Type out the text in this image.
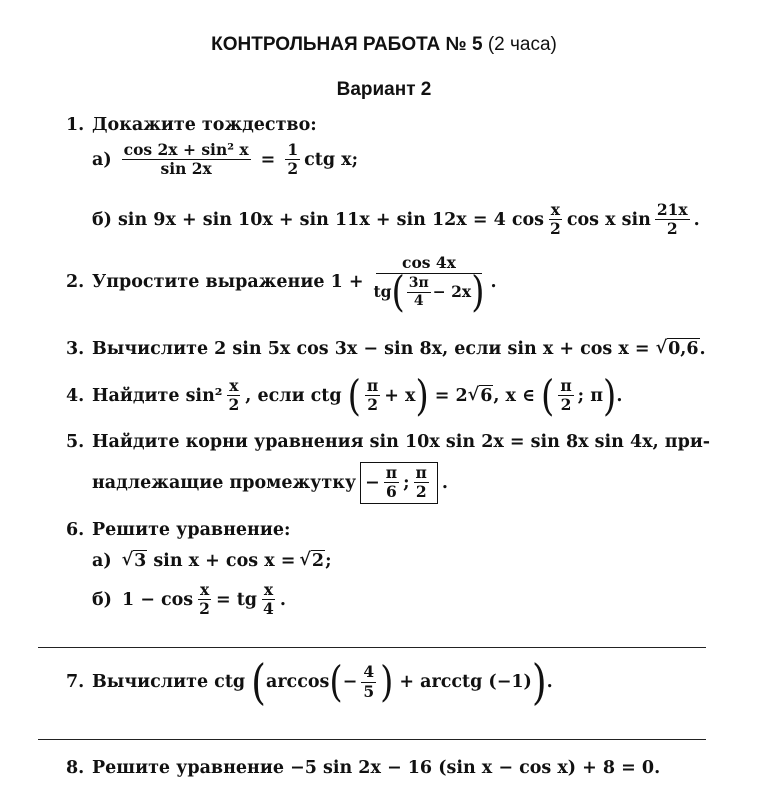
КОНТРОЛЬНАЯ РАБОТА № 5 (2 часа)
Вариант 2
1. Докажите тождество:
$а) \frac{\text{cos 2x + sin² x}}{\sin 2x} = \frac{1}{2}$ ctg x;
б) sin 9x + sin 10x + sin 11x + sin 12x = 4 $\cos \frac{x}{2}$ cos x $\sin \frac{21x}{2}$ .
2. Упростите выражение 1 +
cos 4x
tg ( $\frac{3\pi}{4} - 2x$ ) .
3. Вычислите 2 sin 5x cos 3x − sin 8x, если sin x + cos x = √ 0,6 .
4. Найдите $\sin^2 \frac{x}{2}$ , если ctg ( $\frac{\pi}{2} + x$ ) = 2 √ 6 , x ∈ ( $\frac{\pi}{2}$ ; π ) .
5. Найдите корни уравнения sin 10x sin 2x = sin 8x sin 4x, при-
надлежащие промежутку − $\frac{\pi}{6}$ ; $\frac{\pi}{2}$ .
6. Решите уравнение:
а) √ 3 sin x + cos x = √ 2 ;
б) $1 - \cos \frac{x}{2}$ = tg $\frac{x}{4}$ .
7. Вычислите ctg ( arccos ( − $\frac{4}{5}$ ) + arcctg (−1) ) .
8. Решите уравнение −5 sin 2x − 16 (sin x − cos x) + 8 = 0.
